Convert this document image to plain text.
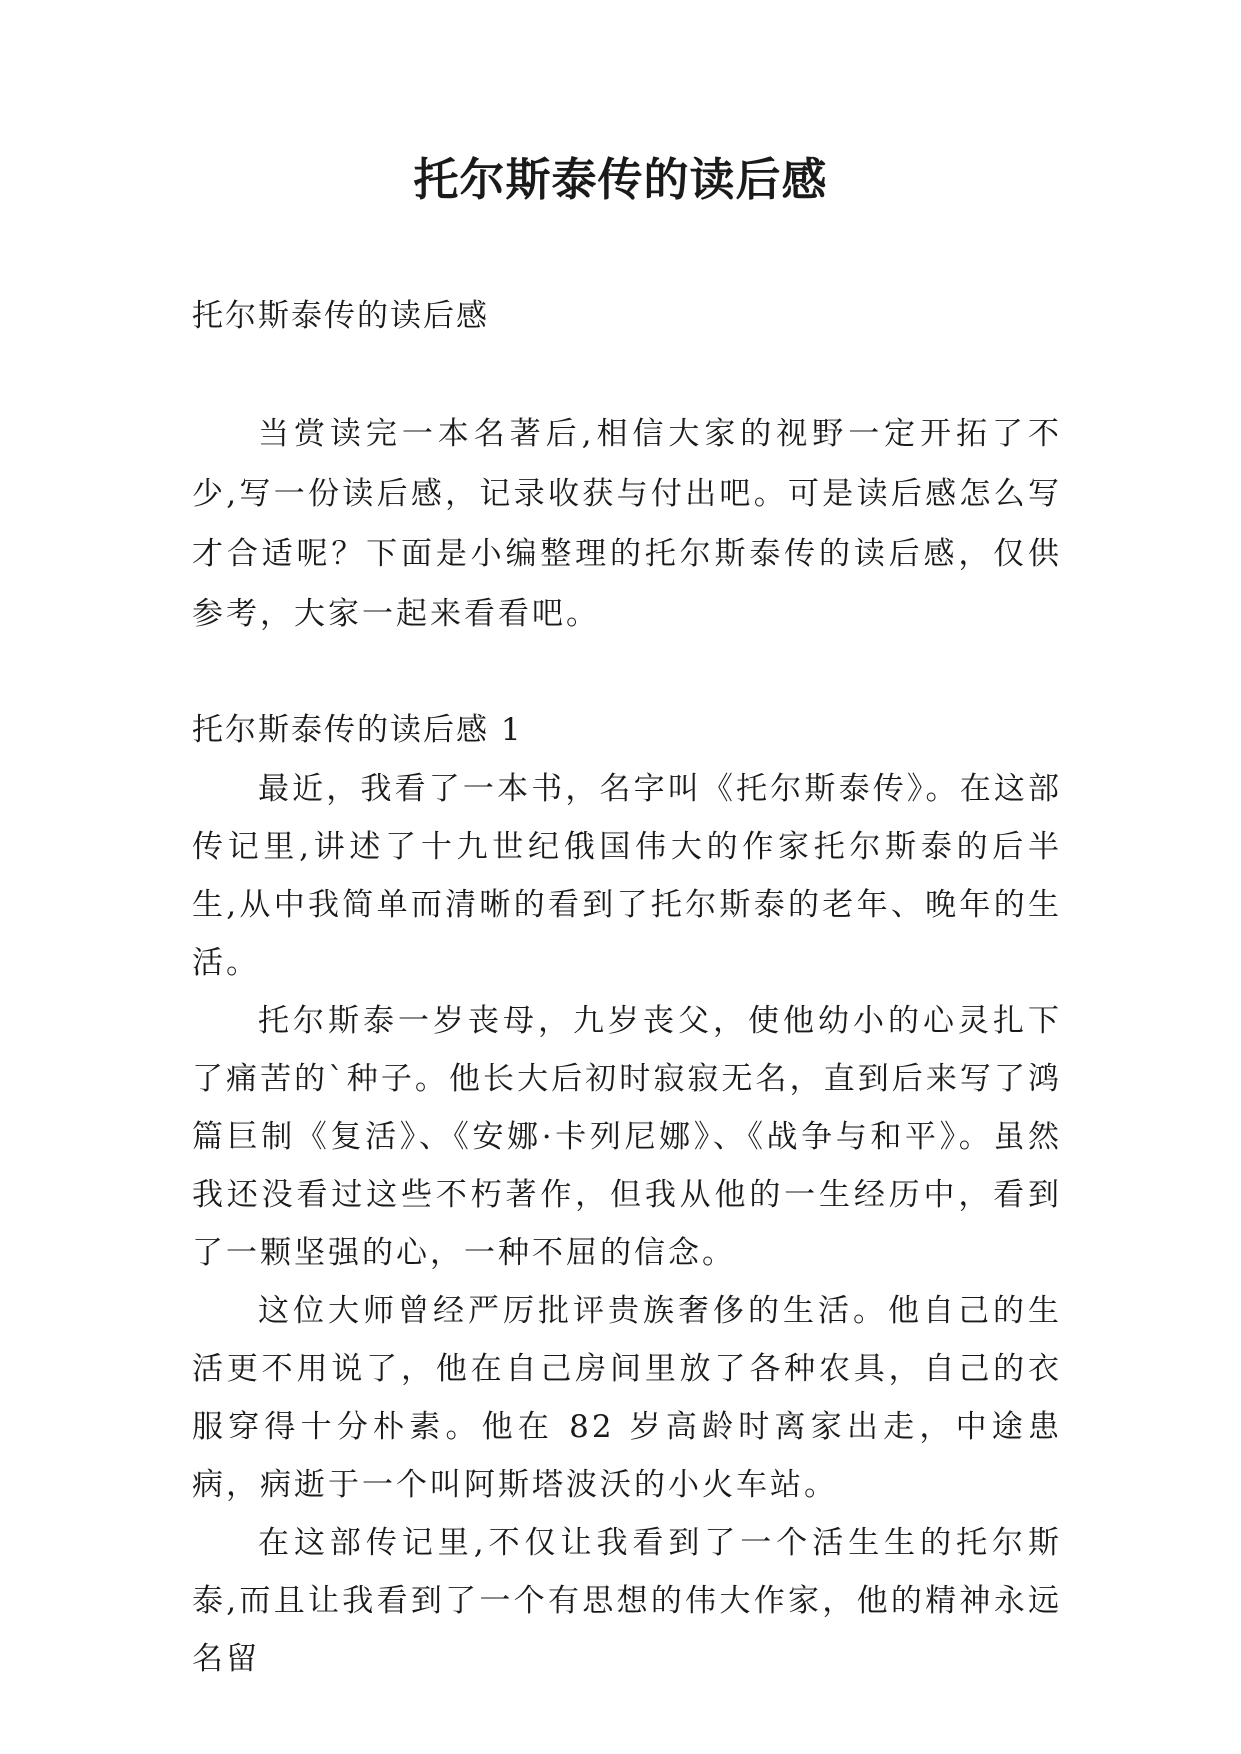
托尔斯泰传的读后感

托尔斯泰传的读后感

当赏读完一本名著后,相信大家的视野一定开拓了不少,写一份读后感，记录收获与付出吧。可是读后感怎么写才合适呢？下面是小编整理的托尔斯泰传的读后感，仅供参考，大家一起来看看吧。

托尔斯泰传的读后感 1

最近，我看了一本书，名字叫《托尔斯泰传》。在这部传记里,讲述了十九世纪俄国伟大的作家托尔斯泰的后半生,从中我简单而清晰的看到了托尔斯泰的老年、晚年的生活。

托尔斯泰一岁丧母，九岁丧父，使他幼小的心灵扎下了痛苦的`种子。他长大后初时寂寂无名，直到后来写了鸿篇巨制《复活》、《安娜·卡列尼娜》、《战争与和平》。虽然我还没看过这些不朽著作，但我从他的一生经历中，看到了一颗坚强的心，一种不屈的信念。

这位大师曾经严厉批评贵族奢侈的生活。他自己的生活更不用说了，他在自己房间里放了各种农具，自己的衣服穿得十分朴素。他在 82 岁高龄时离家出走，中途患病，病逝于一个叫阿斯塔波沃的小火车站。

在这部传记里,不仅让我看到了一个活生生的托尔斯泰,而且让我看到了一个有思想的伟大作家，他的精神永远名留
